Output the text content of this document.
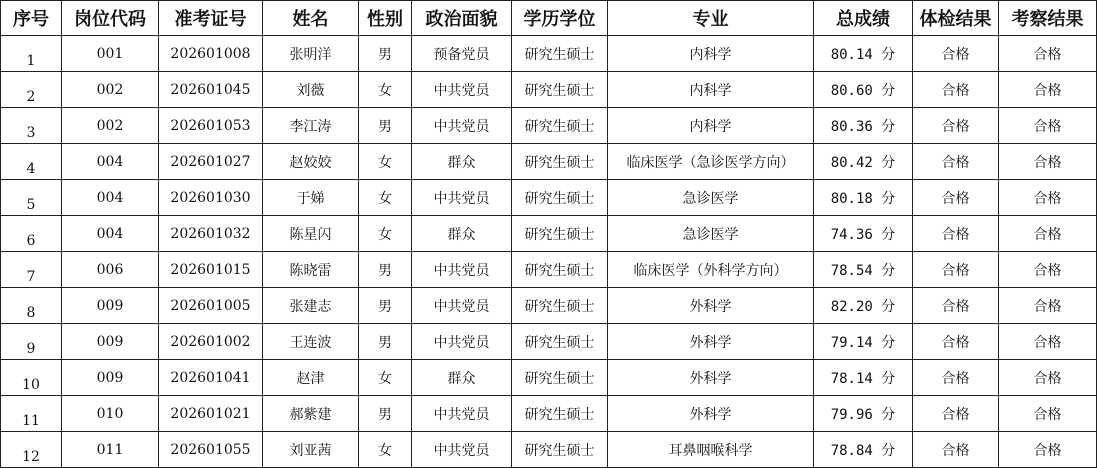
序号	岗位代码	准考证号	姓名	性别	政治面貌	学历学位	专业	总成绩	体检结果	考察结果
1	001	202601008	张明洋	男	预备党员	研究生硕士	内科学	80.14 分	合格	合格
2	002	202601045	刘薇	女	中共党员	研究生硕士	内科学	80.60 分	合格	合格
3	002	202601053	李江涛	男	中共党员	研究生硕士	内科学	80.36 分	合格	合格
4	004	202601027	赵姣姣	女	群众	研究生硕士	临床医学（急诊医学方向）	80.42 分	合格	合格
5	004	202601030	于娣	女	中共党员	研究生硕士	急诊医学	80.18 分	合格	合格
6	004	202601032	陈星闪	女	群众	研究生硕士	急诊医学	74.36 分	合格	合格
7	006	202601015	陈晓雷	男	中共党员	研究生硕士	临床医学（外科学方向）	78.54 分	合格	合格
8	009	202601005	张建志	男	中共党员	研究生硕士	外科学	82.20 分	合格	合格
9	009	202601002	王连波	男	中共党员	研究生硕士	外科学	79.14 分	合格	合格
10	009	202601041	赵津	女	群众	研究生硕士	外科学	78.14 分	合格	合格
11	010	202601021	郝紫建	男	中共党员	研究生硕士	外科学	79.96 分	合格	合格
12	011	202601055	刘亚茜	女	中共党员	研究生硕士	耳鼻咽喉科学	78.84 分	合格	合格
